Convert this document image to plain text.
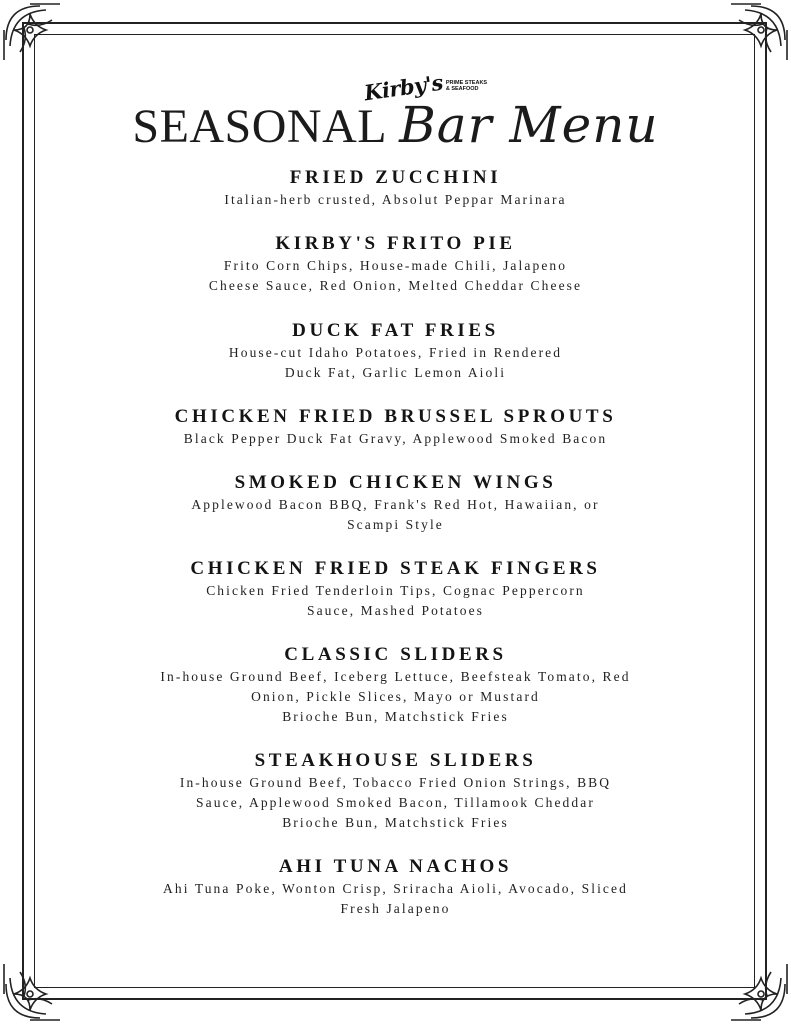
Kirby's PRIME STEAKS
& SEAFOOD
SEASONAL Bar Menu
FRIED ZUCCHINI
Italian-herb crusted, Absolut Peppar Marinara
KIRBY'S FRITO PIE
Frito Corn Chips, House-made Chili, Jalapeno
Cheese Sauce, Red Onion, Melted Cheddar Cheese
DUCK FAT FRIES
House-cut Idaho Potatoes, Fried in Rendered
Duck Fat, Garlic Lemon Aioli
CHICKEN FRIED BRUSSEL SPROUTS
Black Pepper Duck Fat Gravy, Applewood Smoked Bacon
SMOKED CHICKEN WINGS
Applewood Bacon BBQ, Frank's Red Hot, Hawaiian, or
Scampi Style
CHICKEN FRIED STEAK FINGERS
Chicken Fried Tenderloin Tips, Cognac Peppercorn
Sauce, Mashed Potatoes
CLASSIC SLIDERS
In-house Ground Beef, Iceberg Lettuce, Beefsteak Tomato, Red
Onion, Pickle Slices, Mayo or Mustard
Brioche Bun, Matchstick Fries
STEAKHOUSE SLIDERS
In-house Ground Beef, Tobacco Fried Onion Strings, BBQ
Sauce, Applewood Smoked Bacon, Tillamook Cheddar
Brioche Bun, Matchstick Fries
AHI TUNA NACHOS
Ahi Tuna Poke, Wonton Crisp, Sriracha Aioli, Avocado, Sliced
Fresh Jalapeno
